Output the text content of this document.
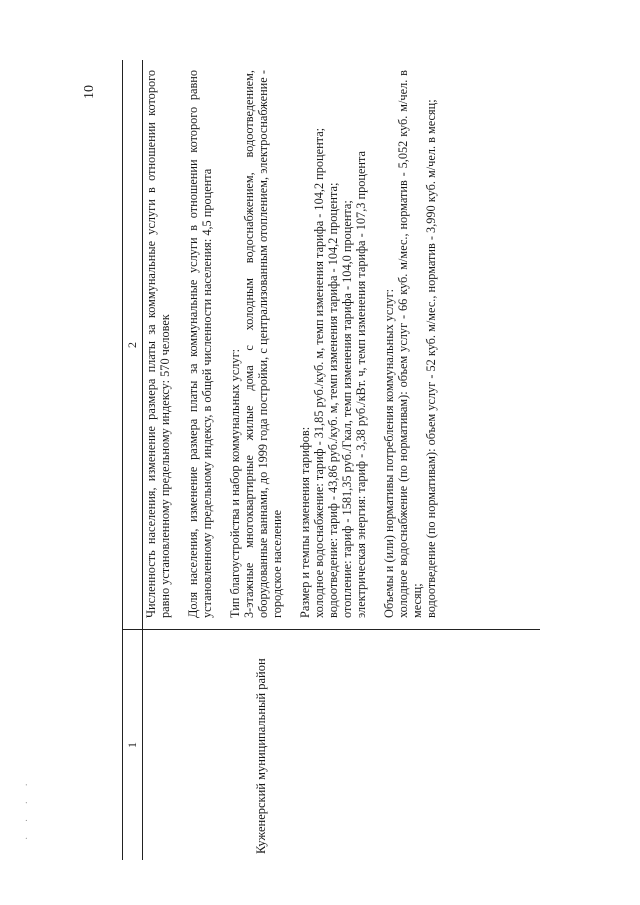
10
1
2
Куженерский муниципальный район

Численность населения, изменение размера платы за коммунальные услуги в отношении которого равно установленному предельному индексу: 570 человек Доля населения, изменение размера платы за коммунальные услуги в отношении которого равно установленному предельному индексу, в общей численности населения: 4,5 процента Тип благоустройства и набор коммунальных услуг: 3-этажные многоквартирные жилые дома с холодным водоснабжением, водоотведением, оборудованные ваннами, до 1999 года постройки, с централизованным отоплением, электроснабжение - городское население Размер и темпы изменения тарифов: холодное водоснабжение: тариф - 31,85 руб./куб. м, темп изменения тарифа - 104,2 процента; водоотведение: тариф - 43,86 руб./куб. м, темп изменения тарифа - 104,2 процента; отопление: тариф - 1581,35 руб./Гкал, темп изменения тарифа - 104,0 процента; электрическая энергия: тариф - 3,38 руб./кВт. ч, темп изменения тарифа - 107,3 процента Объемы и (или) нормативы потребления коммунальных услуг: холодное водоснабжение (по нормативам): объем услуг - 66 куб. м/мес., норматив - 5,052 куб. м/чел. в месяц; водоотведение (по нормативам): объем услуг - 52 куб. м/мес., норматив - 3,990 куб. м/чел. в месяц;

· · · ·
